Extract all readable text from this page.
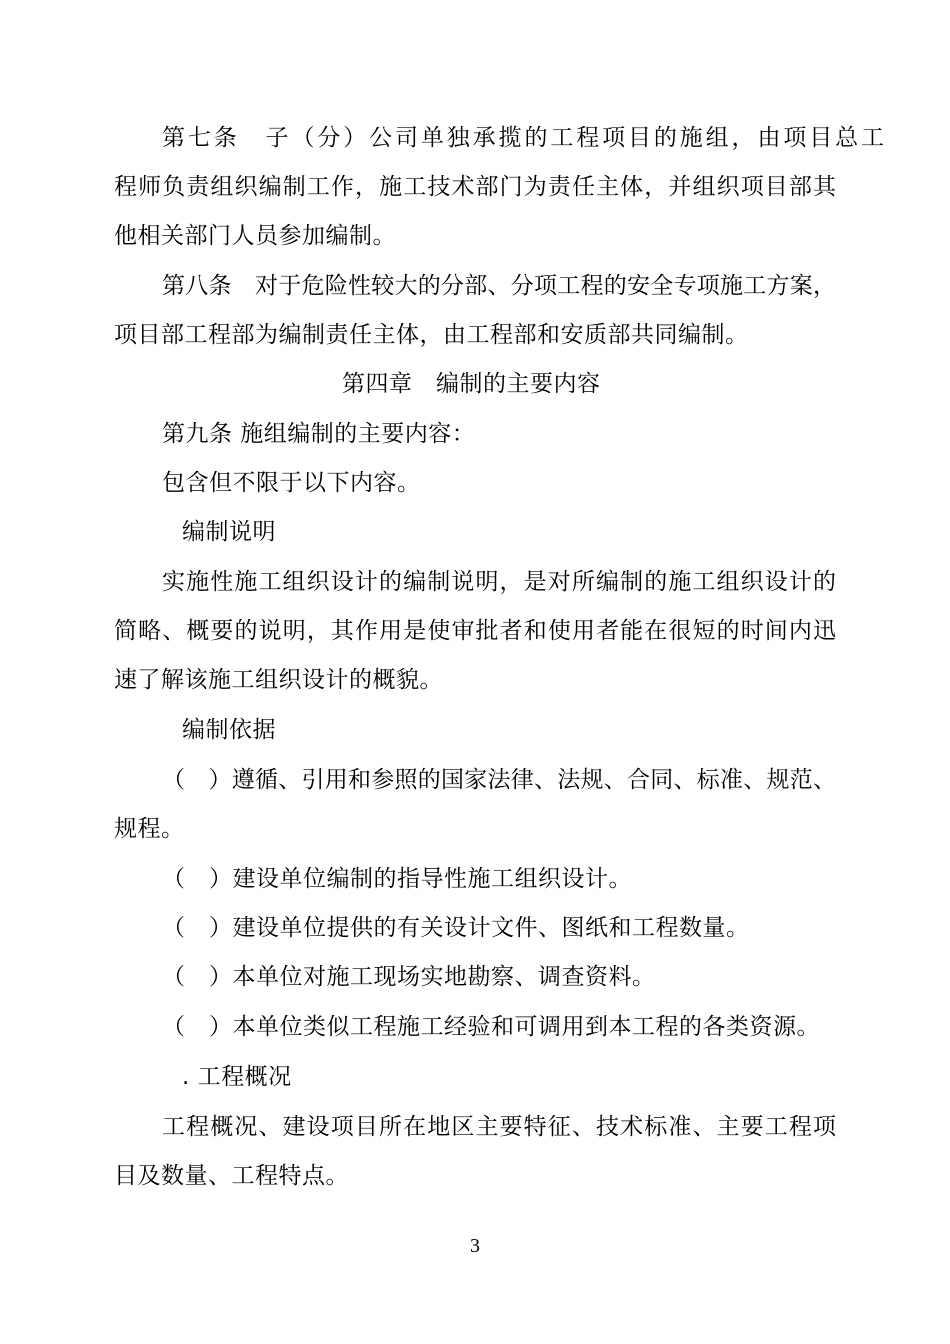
第 七 条
　 子 （ 分 ） 公 司 单 独 承 揽 的 工 程 项 目 的 施 组 ， 由 项 目 总 工
程 师 负 责 组 织 编 制 工 作 ， 施 工 技 术 部 门 为 责 任 主 体 ， 并 组 织 项 目 部 其
他相关部门人员参加编制。
第 八 条
　 对 于 危 险 性 较 大 的 分 部 、 分 项 工 程 的 安 全 专 项 施 工 方 案 ，
项目部工程部为编制责任主体，由工程部和安质部共同编制。
第四章　编制的主要内容
第九条 施组编制的主要内容：
包含但不限于以下内容。
编制说明
实 施 性 施 工 组 织 设 计 的 编 制 说 明 ， 是 对 所 编 制 的 施 工 组 织 设 计 的
简 略 、 概 要 的 说 明 ， 其 作 用 是 使 审 批 者 和 使 用 者 能 在 很 短 的 时 间 内 迅
速了解该施工组织设计的概貌。
编制依据
（
　 ） 遵 循 、 引 用 和 参 照 的 国 家 法 律 、 法 规 、 合 同 、 标 准 、 规 范 、
规程。
（　）建设单位编制的指导性施工组织设计。
（　）建设单位提供的有关设计文件、图纸和工程数量。
（　）本单位对施工现场实地勘察、调查资料。
（　）本单位类似工程施工经验和可调用到本工程的各类资源。
. 工程概况
工 程 概 况 、 建 设 项 目 所 在 地 区 主 要 特 征 、 技 术 标 准 、 主 要 工 程 项
目及数量、工程特点。
3
